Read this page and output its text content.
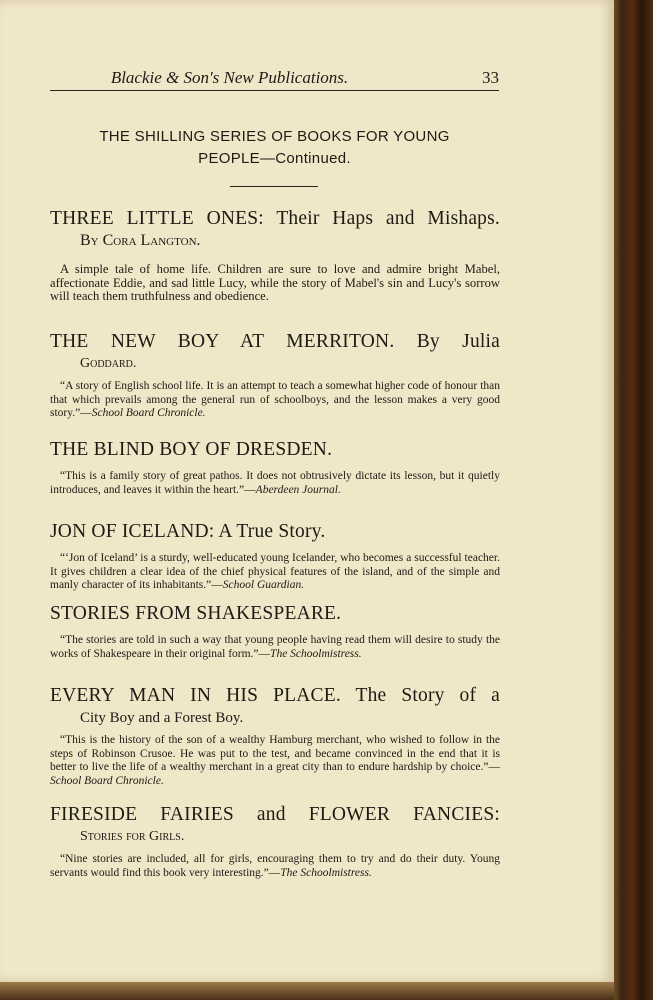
Blackie & Son's New Publications.	33
THE SHILLING SERIES OF BOOKS FOR YOUNG
PEOPLE—Continued.
THREE LITTLE ONES: Their Haps and Mishaps.
By Cora Langton.
A simple tale of home life. Children are sure to love and admire bright Mabel, affectionate Eddie, and sad little Lucy, while the story of Mabel's sin and Lucy's sorrow will teach them truthfulness and obedience.
THE NEW BOY AT MERRITON. By Julia
Goddard.
“A story of English school life. It is an attempt to teach a somewhat higher code of honour than that which prevails among the general run of schoolboys, and the lesson makes a very good story.”—School Board Chronicle.
THE BLIND BOY OF DRESDEN.
“This is a family story of great pathos. It does not obtrusively dictate its lesson, but it quietly introduces, and leaves it within the heart.”—Aberdeen Journal.
JON OF ICELAND: A True Story.
“‘Jon of Iceland’ is a sturdy, well-educated young Icelander, who becomes a successful teacher. It gives children a clear idea of the chief physical features of the island, and of the simple and manly character of its inhabitants.”—School Guardian.
STORIES FROM SHAKESPEARE.
“The stories are told in such a way that young people having read them will desire to study the works of Shakespeare in their original form.”—The Schoolmistress.
EVERY MAN IN HIS PLACE. The Story of a
City Boy and a Forest Boy.
“This is the history of the son of a wealthy Hamburg merchant, who wished to follow in the steps of Robinson Crusoe. He was put to the test, and became convinced in the end that it is better to live the life of a wealthy merchant in a great city than to endure hardship by choice.”—School Board Chronicle.
FIRESIDE FAIRIES and FLOWER FANCIES:
Stories for Girls.
“Nine stories are included, all for girls, encouraging them to try and do their duty. Young servants would find this book very interesting.”—The Schoolmistress.
